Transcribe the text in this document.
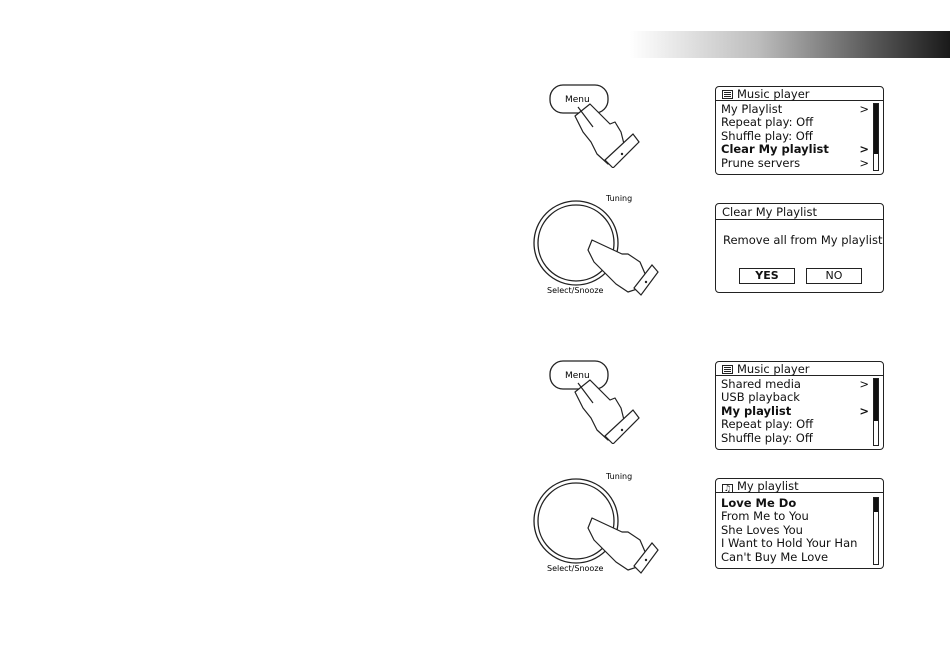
Menu	Music player
My Playlist	>
Repeat play: Off
Shuffle play: Off
Clear My playlist	>
Prune servers	>
Tuning
Select/Snooze
Clear My Playlist
Remove all from My playlist
YES	NO
Menu	Music player
Shared media	>
USB playback
My playlist	>
Repeat play: Off
Shuffle play: Off
Tuning
Select/Snooze
♫ My playlist
Love Me Do
From Me to You
She Loves You
I Want to Hold Your Han
Can't Buy Me Love
